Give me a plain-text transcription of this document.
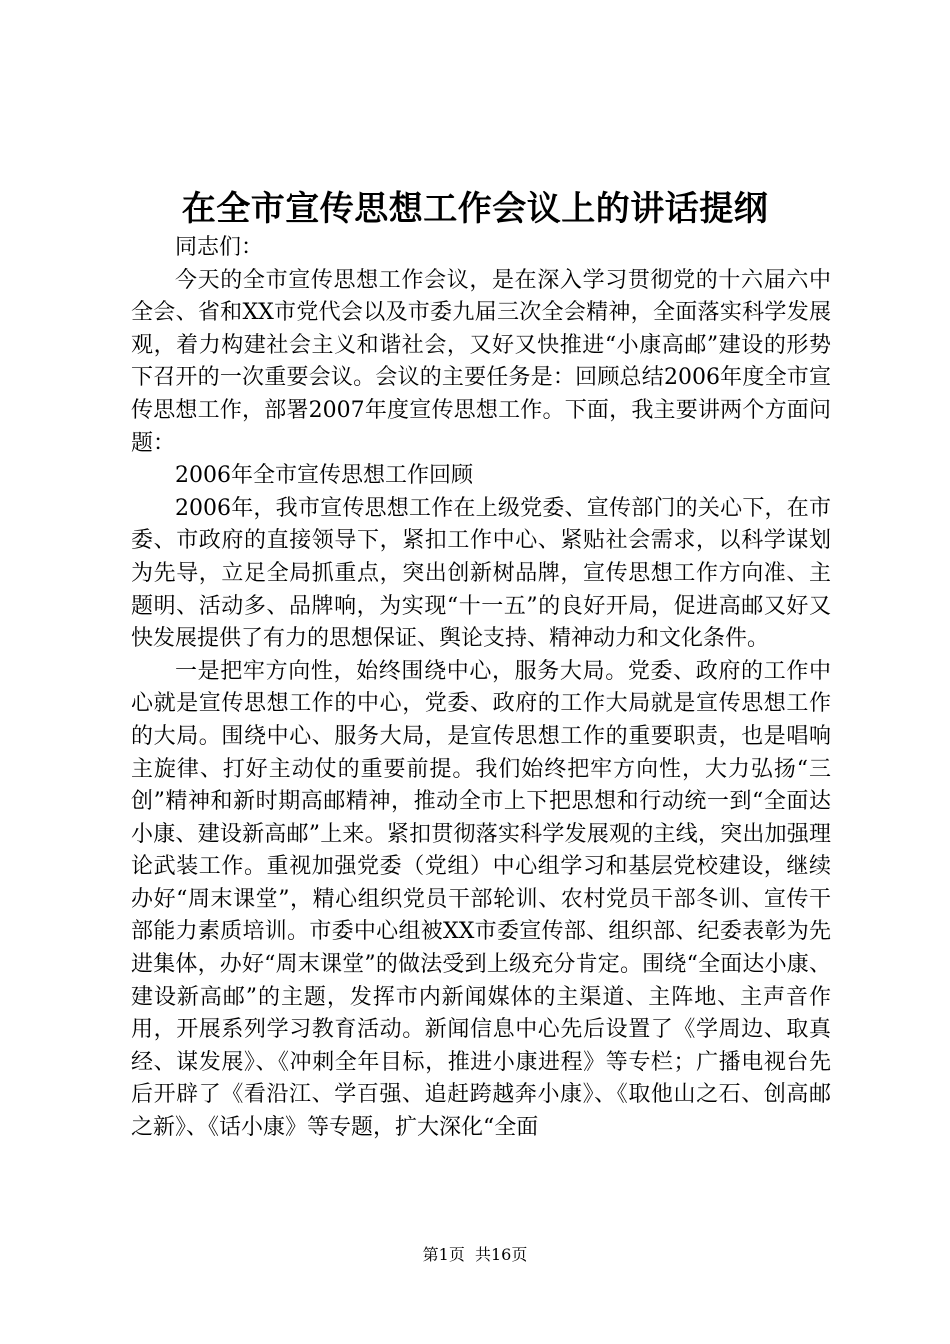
在全市宣传思想工作会议上的讲话提纲

同志们：

今天的全市宣传思想工作会议，是在深入学习贯彻党的十六届六中全会、省和XX市党代会以及市委九届三次全会精神，全面落实科学发展观，着力构建社会主义和谐社会，又好又快推进“小康高邮”建设的形势下召开的一次重要会议。会议的主要任务是：回顾总结2006年度全市宣传思想工作，部署2007年度宣传思想工作。下面，我主要讲两个方面问题：

2006年全市宣传思想工作回顾

2006年，我市宣传思想工作在上级党委、宣传部门的关心下，在市委、市政府的直接领导下，紧扣工作中心、紧贴社会需求，以科学谋划为先导，立足全局抓重点，突出创新树品牌，宣传思想工作方向准、主题明、活动多、品牌响，为实现“十一五”的良好开局，促进高邮又好又快发展提供了有力的思想保证、舆论支持、精神动力和文化条件。

一是把牢方向性，始终围绕中心，服务大局。党委、政府的工作中心就是宣传思想工作的中心，党委、政府的工作大局就是宣传思想工作的大局。围绕中心、服务大局，是宣传思想工作的重要职责，也是唱响主旋律、打好主动仗的重要前提。我们始终把牢方向性，大力弘扬“三创”精神和新时期高邮精神，推动全市上下把思想和行动统一到“全面达小康、建设新高邮”上来。紧扣贯彻落实科学发展观的主线，突出加强理论武装工作。重视加强党委（党组）中心组学习和基层党校建设，继续办好“周末课堂”，精心组织党员干部轮训、农村党员干部冬训、宣传干部能力素质培训。市委中心组被XX市委宣传部、组织部、纪委表彰为先进集体，办好“周末课堂”的做法受到上级充分肯定。围绕“全面达小康、建设新高邮”的主题，发挥市内新闻媒体的主渠道、主阵地、主声音作用，开展系列学习教育活动。新闻信息中心先后设置了《学周边、取真经、谋发展》、《冲刺全年目标，推进小康进程》等专栏；广播电视台先后开辟了《看沿江、学百强、追赶跨越奔小康》、《取他山之石、创高邮之新》、《话小康》等专题，扩大深化“全面

第1页  共16页
